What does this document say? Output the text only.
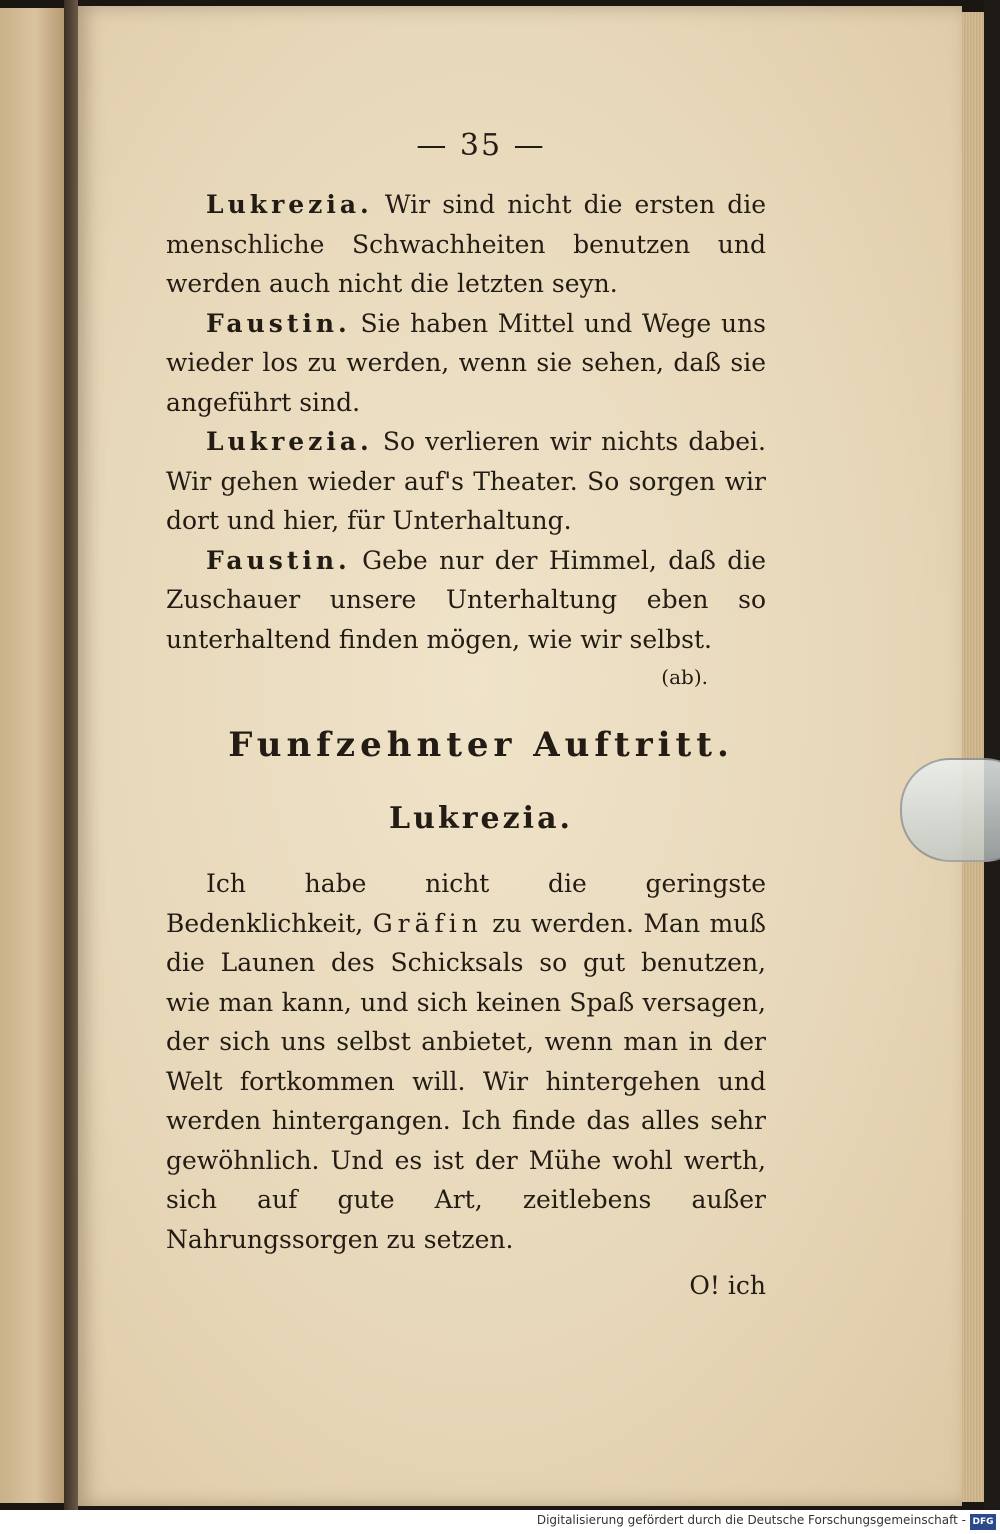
— 35 —

Lukrezia. Wir sind nicht die ersten die menschliche Schwachheiten benutzen und werden auch nicht die letzten seyn.

Faustin. Sie haben Mittel und Wege uns wieder los zu werden, wenn sie sehen, daß sie angeführt sind.

Lukrezia. So verlieren wir nichts dabei. Wir gehen wieder auf's Theater. So sorgen wir dort und hier, für Unterhaltung.

Faustin. Gebe nur der Himmel, daß die Zuschauer unsere Unterhaltung eben so unterhaltend finden mögen, wie wir selbst.

(ab).
Funfzehnter Auftritt.
Lukrezia.

Ich habe nicht die geringste Bedenklichkeit, Gräfin zu werden. Man muß die Launen des Schicksals so gut benutzen, wie man kann, und sich keinen Spaß versagen, der sich uns selbst anbietet, wenn man in der Welt fortkommen will. Wir hintergehen und werden hintergangen. Ich finde das alles sehr gewöhnlich. Und es ist der Mühe wohl werth, sich auf gute Art, zeitlebens außer Nahrungssorgen zu setzen.

O! ich
Digitalisierung gefördert durch die Deutsche Forschungsgemeinschaft - DFG
